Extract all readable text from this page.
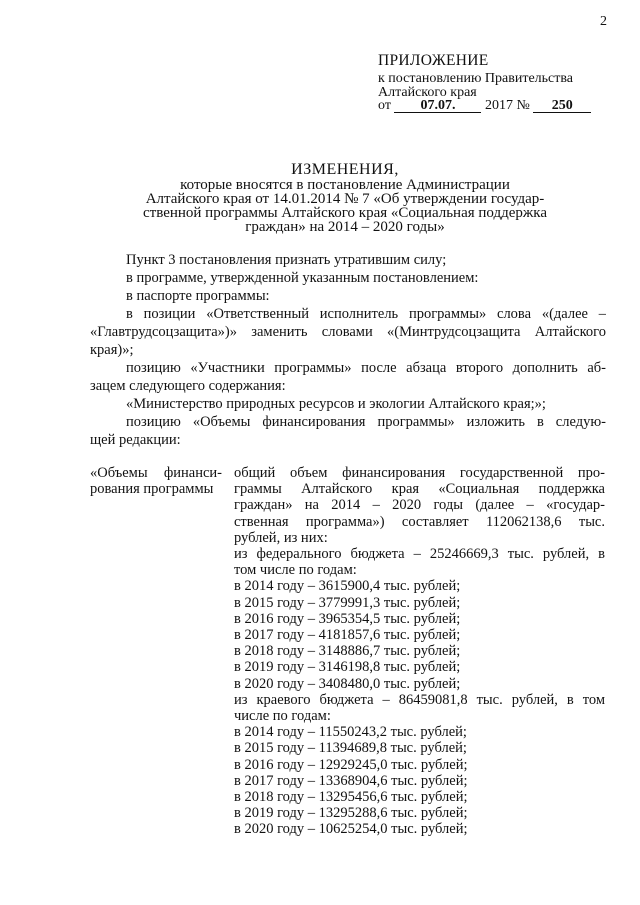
2
ПРИЛОЖЕНИЕ
к постановлению Правительства
Алтайского края
от 07.07. 2017 № 250
ИЗМЕНЕНИЯ,
которые вносятся в постановление Администрации
Алтайского края от 14.01.2014 № 7 «Об утверждении государ-
ственной программы Алтайского края «Социальная поддержка
граждан» на 2014 – 2020 годы»
Пункт 3 постановления признать утратившим силу;
в программе, утвержденной указанным постановлением:
в паспорте программы:
в позиции «Ответственный исполнитель программы» слова «(далее –
«Главтрудсоцзащита»)» заменить словами «(Минтрудсоцзащита Алтайского
края)»;
позицию «Участники программы» после абзаца второго дополнить аб-
зацем следующего содержания:
«Министерство природных ресурсов и экологии Алтайского края;»;
позицию «Объемы финансирования программы» изложить в следую-
щей редакции:
«Объемы финанси-
рования программы
общий объем финансирования государственной про-
граммы Алтайского края «Социальная поддержка
граждан» на 2014 – 2020 годы (далее – «государ-
ственная программа») составляет 112062138,6 тыс.
рублей, из них:
из федерального бюджета – 25246669,3 тыс. рублей, в
том числе по годам:
в 2014 году – 3615900,4 тыс. рублей;
в 2015 году – 3779991,3 тыс. рублей;
в 2016 году – 3965354,5 тыс. рублей;
в 2017 году – 4181857,6 тыс. рублей;
в 2018 году – 3148886,7 тыс. рублей;
в 2019 году – 3146198,8 тыс. рублей;
в 2020 году – 3408480,0 тыс. рублей;
из краевого бюджета – 86459081,8 тыс. рублей, в том
числе по годам:
в 2014 году – 11550243,2 тыс. рублей;
в 2015 году – 11394689,8 тыс. рублей;
в 2016 году – 12929245,0 тыс. рублей;
в 2017 году – 13368904,6 тыс. рублей;
в 2018 году – 13295456,6 тыс. рублей;
в 2019 году – 13295288,6 тыс. рублей;
в 2020 году – 10625254,0 тыс. рублей;
